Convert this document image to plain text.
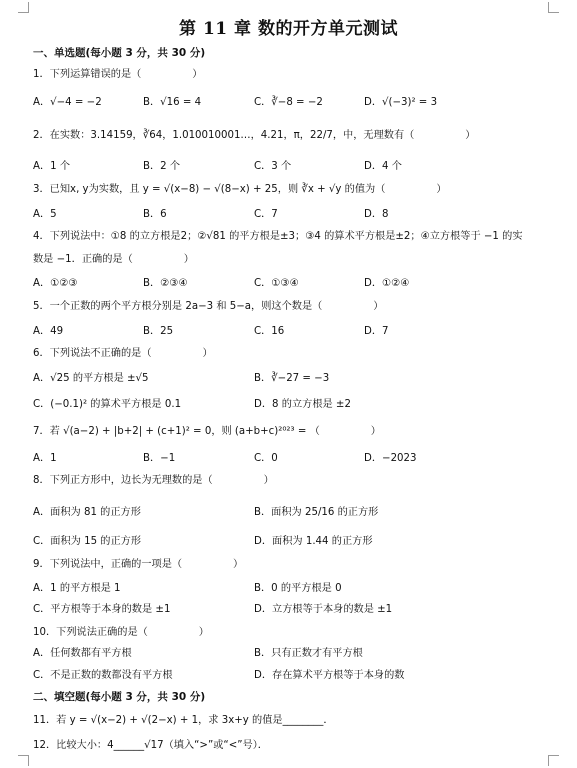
第 11 章 数的开方单元测试
一、单选题(每小题 3 分，共 30 分)
1．下列运算错误的是（　　　　　）
A．√−4 = −2	B．√16 = 4	C．∛−8 = −2	D．√(−3)² = 3
2．在实数：3.14159，∛64，1.010010001…，4.21，π，22/7，中，无理数有（　　　　　）
A．1 个	B．2 个	C．3 个	D．4 个
3．已知x, y为实数，且 y = √(x−8) − √(8−x) + 25，则 ∛x + √y 的值为（　　　　　）
A．5	B．6	C．7	D．8
4．下列说法中：①8 的立方根是2；②√81 的平方根是±3；③4 的算术平方根是±2；④立方根等于 −1 的实
数是 −1．正确的是（　　　　　）
A．①②③	B．②③④	C．①③④	D．①②④
5．一个正数的两个平方根分别是 2a−3 和 5−a，则这个数是（　　　　　）
A．49	B．25	C．16	D．7
6．下列说法不正确的是（　　　　　）
A．√25 的平方根是 ±√5	B．∛−27 = −3
C．(−0.1)² 的算术平方根是 0.1	D．8 的立方根是 ±2
7．若 √(a−2) + |b+2| + (c+1)² = 0，则 (a+b+c)²⁰²³ = （　　　　　）
A．1	B．−1	C．0	D．−2023
8．下列正方形中，边长为无理数的是（　　　　　）
A．面积为 81 的正方形	B．面积为 25/16 的正方形
C．面积为 15 的正方形	D．面积为 1.44 的正方形
9．下列说法中，正确的一项是（　　　　　）
A．1 的平方根是 1	B．0 的平方根是 0
C．平方根等于本身的数是 ±1	D．立方根等于本身的数是 ±1
10．下列说法正确的是（　　　　　）
A．任何数都有平方根	B．只有正数才有平方根
C．不是正数的数都没有平方根	D．存在算术平方根等于本身的数
二、填空题(每小题 3 分，共 30 分)
11．若 y = √(x−2) + √(2−x) + 1，求 3x+y 的值是________．
12．比较大小：4______√17（填入“>”或“<”号）．
